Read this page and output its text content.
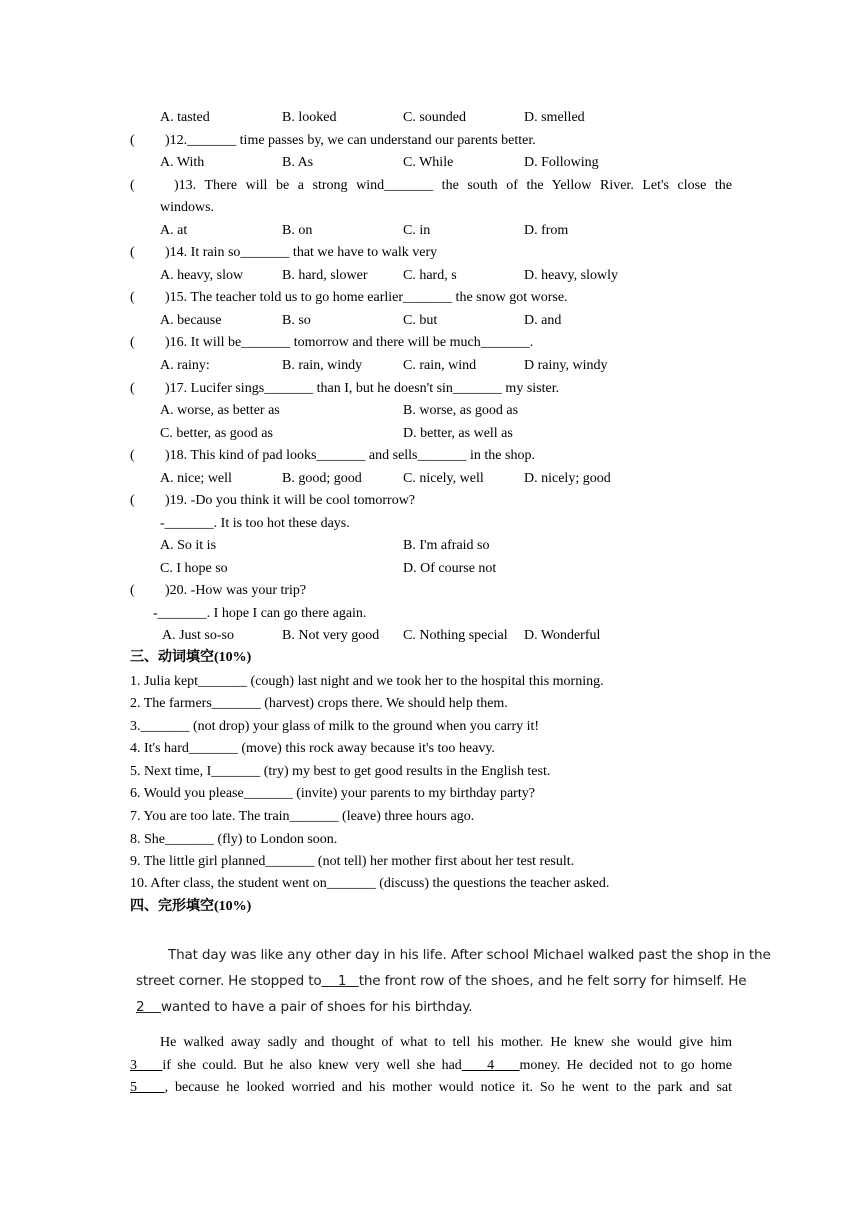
A. tasted	B. looked	C. sounded	D. smelled
( )12._______ time passes by, we can understand our parents better.
A. With	B. As	C. While	D. Following
(	)13. There will be a strong wind_______ the south of the Yellow River. Let's close the
windows.
A. at	B. on	C. in	D. from
( )14. It rain so_______ that we have to walk very
A. heavy, slow	B. hard, slower	C. hard, s	D. heavy, slowly
( )15. The teacher told us to go home earlier_______ the snow got worse.
A. because	B. so	C. but	D. and
( )16. It will be_______ tomorrow and there will be much_______.
A. rainy:	B. rain, windy	C. rain, wind	D rainy, windy
( )17. Lucifer sings_______ than I, but he doesn't sin_______ my sister.
A. worse, as better as	B. worse, as good as
C. better, as good as	D. better, as well as
( )18. This kind of pad looks_______ and sells_______ in the shop.
A. nice; well	B. good; good	C. nicely, well	D. nicely; good
( )19. -Do you think it will be cool tomorrow?
-_______. It is too hot these days.
A. So it is	B. I'm afraid so
C. I hope so	D. Of course not
( )20. -How was your trip?
-_______. I hope I can go there again.
A. Just so-so	B. Not very good C. Nothing special D. Wonderful
三、动词填空(10%)
1. Julia kept_______ (cough) last night and we took her to the hospital this morning.
2. The farmers_______ (harvest) crops there. We should help them.
3._______ (not drop) your glass of milk to the ground when you carry it!
4. It's hard_______ (move) this rock away because it's too heavy.
5. Next time, I_______ (try) my best to get good results in the English test.
6. Would you please_______ (invite) your parents to my birthday party?
7. You are too late. The train_______ (leave) three hours ago.
8. She_______ (fly) to London soon.
9. The little girl planned_______ (not tell) her mother first about her test result.
10. After class, the student went on_______ (discuss) the questions the teacher asked.
四、完形填空(10%)
That day was like any other day in his life. After school Michael walked past the shop in the
street corner. He stopped to 1 the front row of the shoes, and he felt sorry for himself. He
2 wanted to have a pair of shoes for his birthday.
He walked away sadly and thought of what to tell his mother. He knew she would give him
3 if she could. But he also knew very well she had 4 money. He decided not to go home
5 , because he looked worried and his mother would notice it. So he went to the park and sat
